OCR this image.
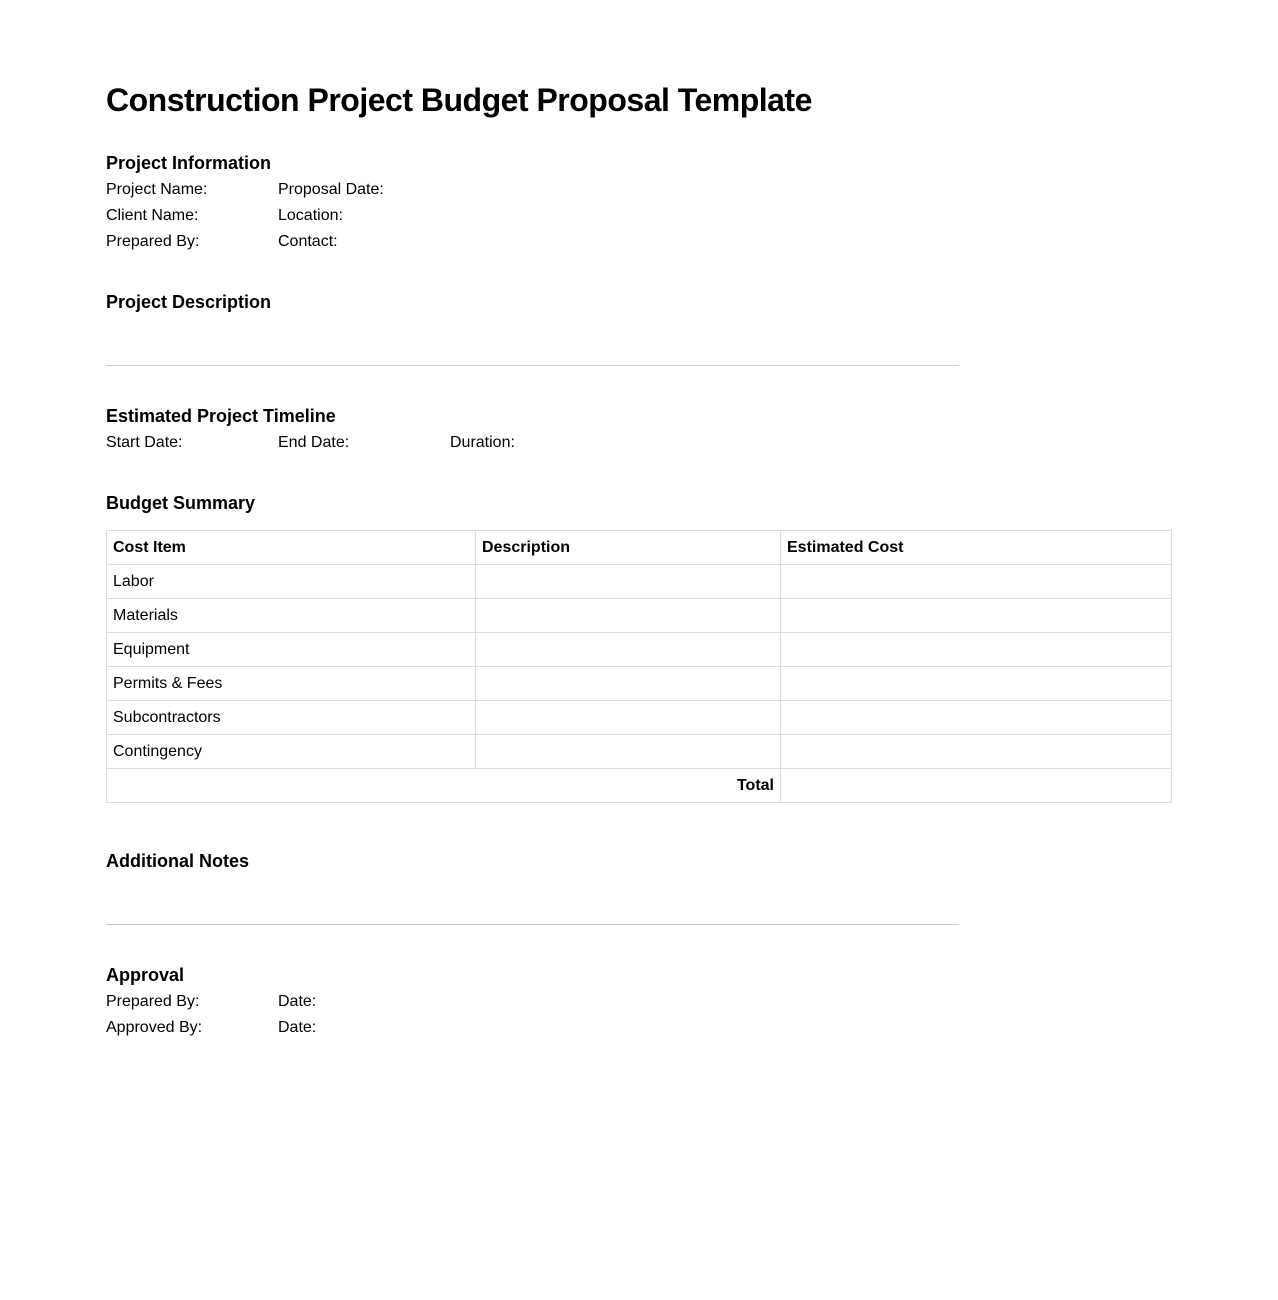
Construction Project Budget Proposal Template
Project Information
Project Name:	Proposal Date:
Client Name:	Location:
Prepared By:	Contact:
Project Description
Estimated Project Timeline
Start Date:	End Date:	Duration:
Budget Summary
Cost Item	Description	Estimated Cost
Labor		
Materials		
Equipment		
Permits & Fees		
Subcontractors		
Contingency		
Total		
Additional Notes
Approval
Prepared By:	Date:
Approved By:	Date:
